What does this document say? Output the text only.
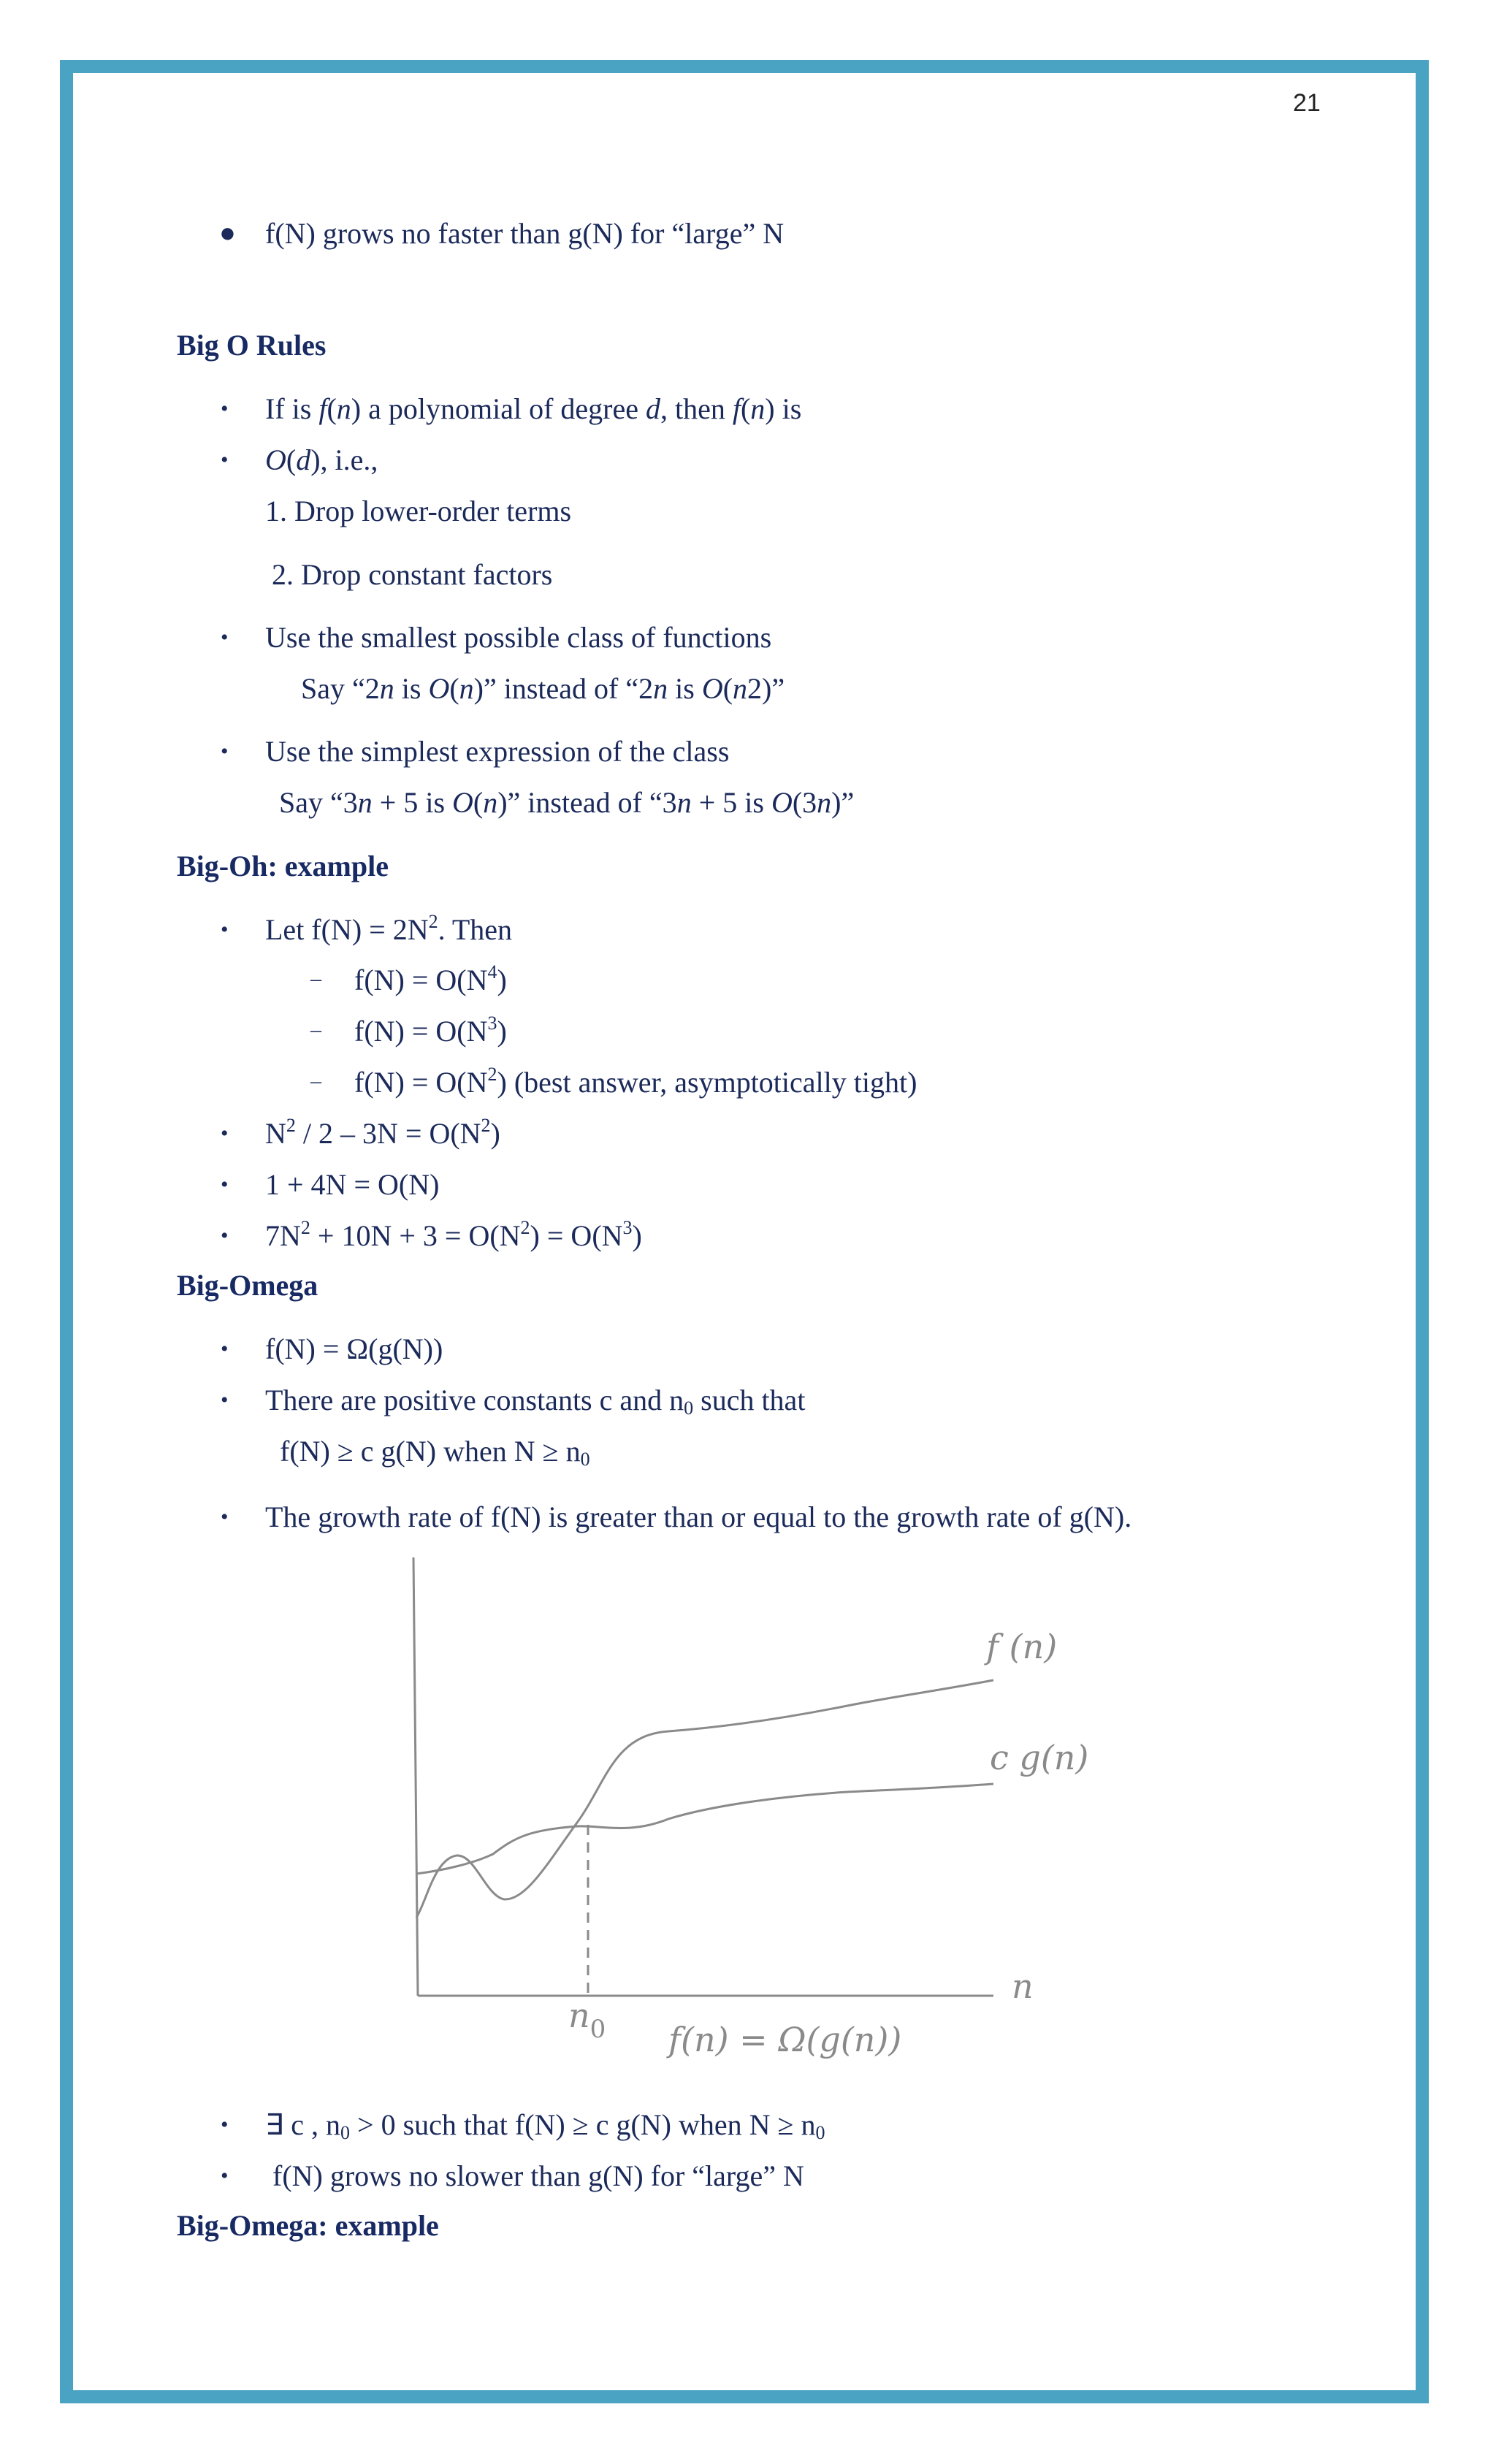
21
● f(N) grows no faster than g(N) for “large” N
Big O Rules
• If is f(n) a polynomial of degree d, then f(n) is
• O(d), i.e.,
1. Drop lower-order terms
2. Drop constant factors
• Use the smallest possible class of functions
Say “2n is O(n)” instead of “2n is O(n2)”
• Use the simplest expression of the class
Say “3n + 5 is O(n)” instead of “3n + 5 is O(3n)”
Big-Oh: example
• Let $f(N) = 2N^2$. Then
– $f(N) = O(N^4)$
– $f(N) = O(N^3)$
– $f(N) = O(N^2)$ (best answer, asymptotically tight)
• $N^2 / 2 - 3N = O(N^2)$
• 1 + 4N = O(N)
• $7N^2 + 10N + 3 = O(N^2) = O(N^3)$
Big-Omega
• f(N) = Ω(g(N))
• There are positive constants c and $n_0$ such that
f(N) ≥ c g(N) when $N \ge n_0$
• The growth rate of f(N) is greater than or equal to the growth rate of g(N).
f (n)
c g(n)
n
$n_0$ f(n) = Ω(g(n))
• ∃ c , $n_0 > 0$ such that f(N) ≥ c g(N) when $N \ge n_0$
• f(N) grows no slower than g(N) for “large” N
Big-Omega: example
